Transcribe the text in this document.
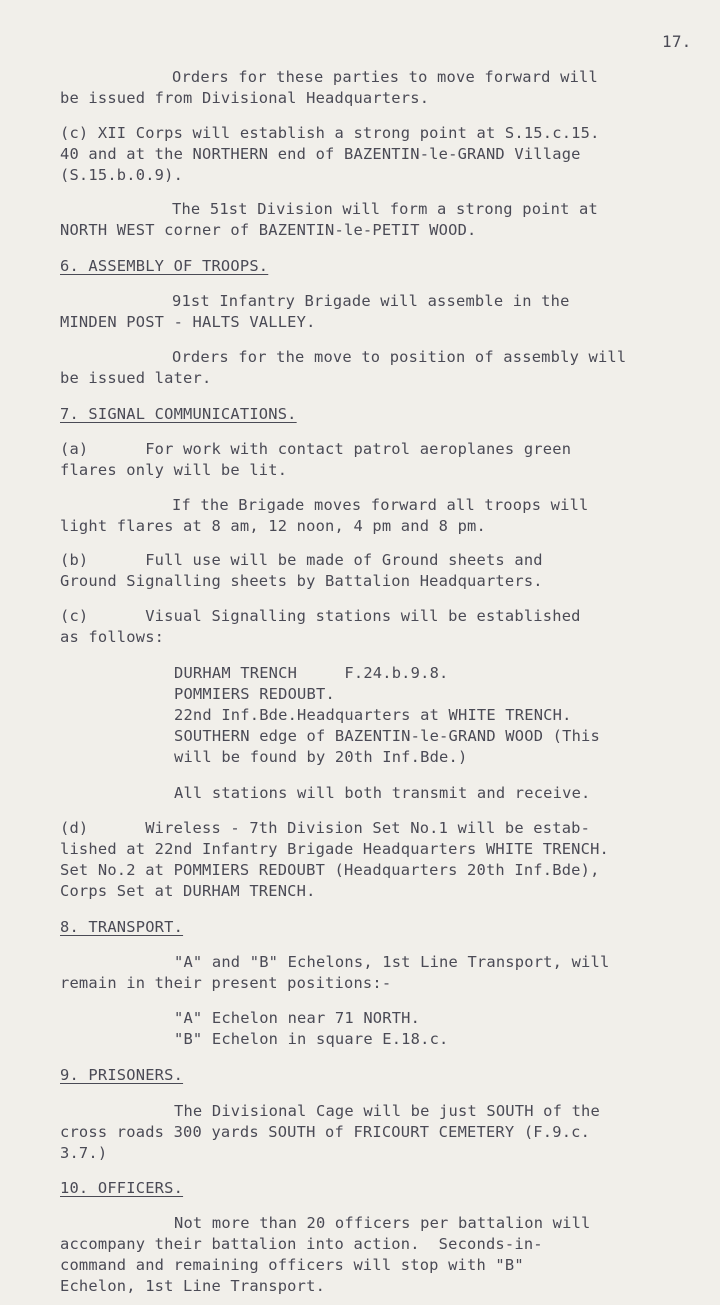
17.
Orders for these parties to move forward will
be issued from Divisional Headquarters.
(c) XII Corps will establish a strong point at S.15.c.15.
40 and at the NORTHERN end of BAZENTIN-le-GRAND Village
(S.15.b.0.9).
The 51st Division will form a strong point at
NORTH WEST corner of BAZENTIN-le-PETIT WOOD.
6. ASSEMBLY OF TROOPS.
91st Infantry Brigade will assemble in the
MINDEN POST - HALTS VALLEY.
Orders for the move to position of assembly will
be issued later.
7. SIGNAL COMMUNICATIONS.
(a)      For work with contact patrol aeroplanes green
flares only will be lit.
If the Brigade moves forward all troops will
light flares at 8 am, 12 noon, 4 pm and 8 pm.
(b)      Full use will be made of Ground sheets and
Ground Signalling sheets by Battalion Headquarters.
(c)      Visual Signalling stations will be established
as follows:
DURHAM TRENCH     F.24.b.9.8.
POMMIERS REDOUBT.
22nd Inf.Bde.Headquarters at WHITE TRENCH.
SOUTHERN edge of BAZENTIN-le-GRAND WOOD (This
will be found by 20th Inf.Bde.)
All stations will both transmit and receive.
(d)      Wireless - 7th Division Set No.1 will be estab-
lished at 22nd Infantry Brigade Headquarters WHITE TRENCH.
Set No.2 at POMMIERS REDOUBT (Headquarters 20th Inf.Bde),
Corps Set at DURHAM TRENCH.
8. TRANSPORT.
"A" and "B" Echelons, 1st Line Transport, will
remain in their present positions:-
"A" Echelon near 71 NORTH.
"B" Echelon in square E.18.c.
9. PRISONERS.
The Divisional Cage will be just SOUTH of the
cross roads 300 yards SOUTH of FRICOURT CEMETERY (F.9.c.
3.7.)
10. OFFICERS.
Not more than 20 officers per battalion will
accompany their battalion into action.  Seconds-in-
command and remaining officers will stop with "B"
Echelon, 1st Line Transport.
